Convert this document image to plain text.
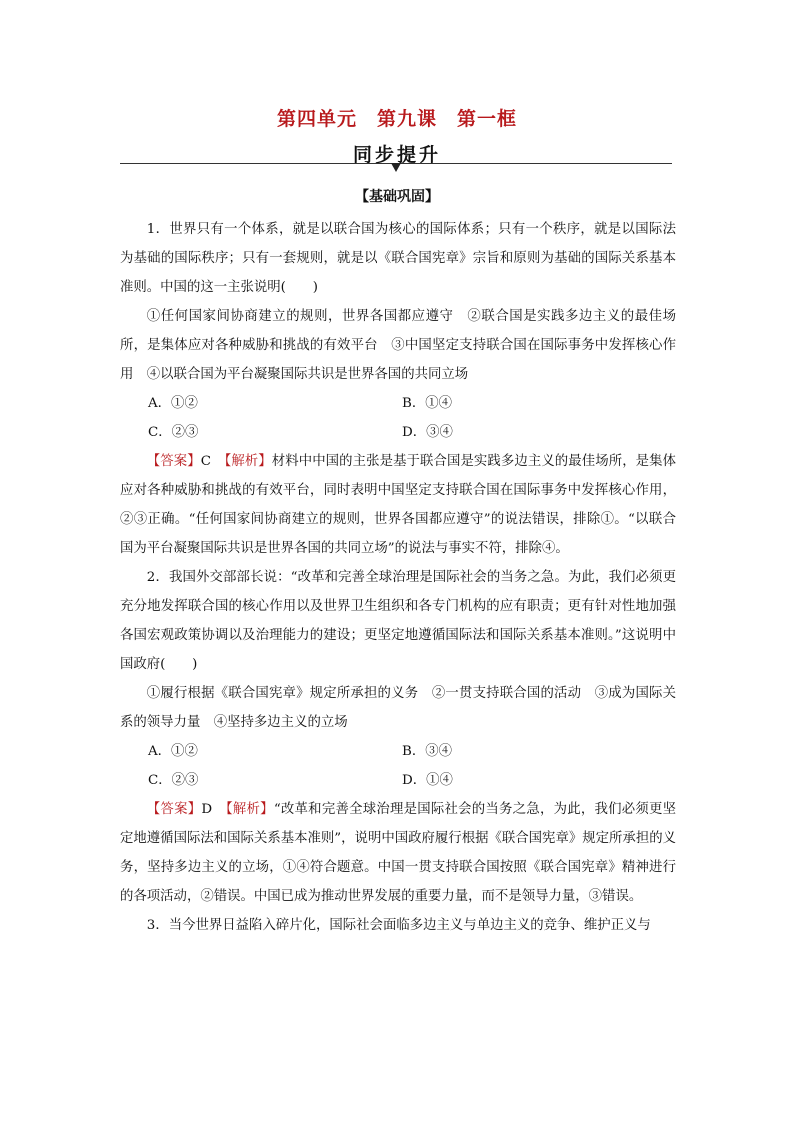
第四单元　第九课　第一框
同步提升
【基础巩固】

1．世界只有一个体系，就是以联合国为核心的国际体系；只有一个秩序，就是以国际法为基础的国际秩序；只有一套规则，就是以《联合国宪章》宗旨和原则为基础的国际关系基本准则。中国的这一主张说明(　　)

①任何国家间协商建立的规则，世界各国都应遵守　②联合国是实践多边主义的最佳场所，是集体应对各种威胁和挑战的有效平台　③中国坚定支持联合国在国际事务中发挥核心作用　④以联合国为平台凝聚国际共识是世界各国的共同立场

A．①②	B．①④
C．②③	D．③④

【答案】C　 【解析】材料中中国的主张是基于联合国是实践多边主义的最佳场所，是集体应对各种威胁和挑战的有效平台，同时表明中国坚定支持联合国在国际事务中发挥核心作用，②③正确。“任何国家间协商建立的规则，世界各国都应遵守”的说法错误，排除①。“以联合国为平台凝聚国际共识是世界各国的共同立场”的说法与事实不符，排除④。

2．我国外交部部长说：“改革和完善全球治理是国际社会的当务之急。为此，我们必须更充分地发挥联合国的核心作用以及世界卫生组织和各专门机构的应有职责；更有针对性地加强各国宏观政策协调以及治理能力的建设；更坚定地遵循国际法和国际关系基本准则。”这说明中国政府(　　)

①履行根据《联合国宪章》规定所承担的义务　②一贯支持联合国的活动　③成为国际关系的领导力量　④坚持多边主义的立场

A．①②	B．③④
C．②③	D．①④

【答案】D　 【解析】“改革和完善全球治理是国际社会的当务之急，为此，我们必须更坚定地遵循国际法和国际关系基本准则”，说明中国政府履行根据《联合国宪章》规定所承担的义务，坚持多边主义的立场，①④符合题意。中国一贯支持联合国按照《联合国宪章》精神进行的各项活动，②错误。中国已成为推动世界发展的重要力量，而不是领导力量，③错误。

3．当今世界日益陷入碎片化，国际社会面临多边主义与单边主义的竞争、维护正义与
